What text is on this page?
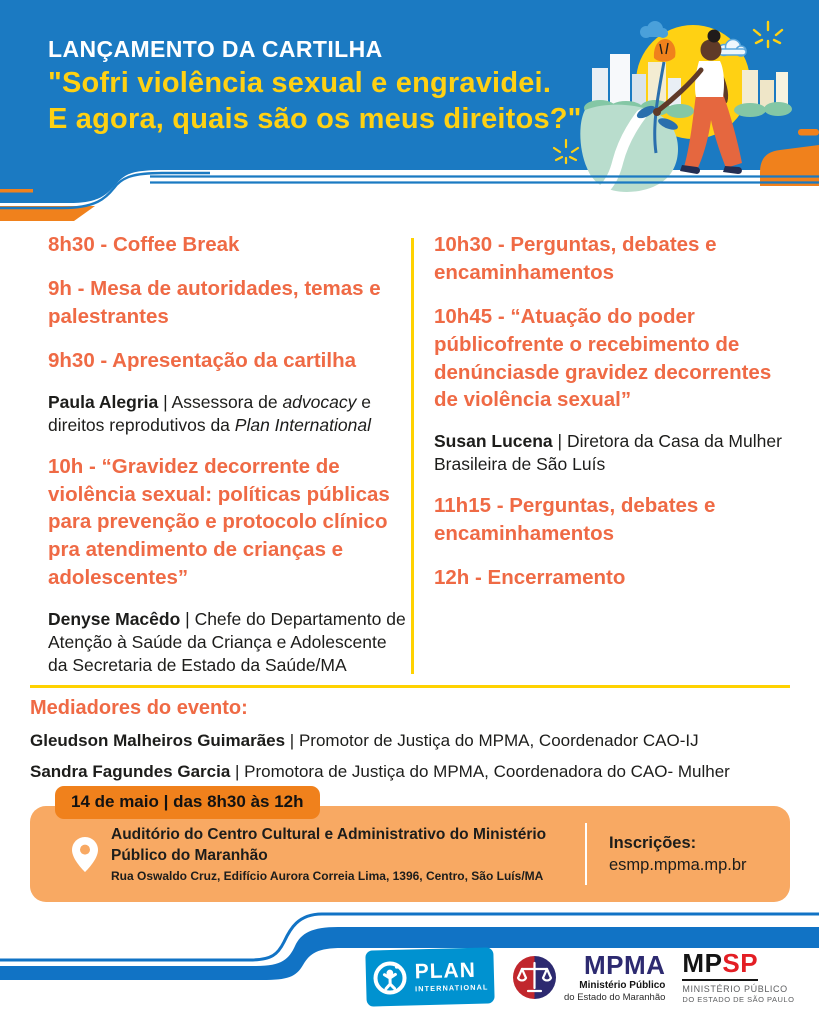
LANÇAMENTO DA CARTILHA
"Sofri violência sexual e engravidei.
E agora, quais são os meus direitos?"

8h30 - Coffee Break

9h - Mesa de autoridades, temas e palestrantes

9h30 - Apresentação da cartilha

Paula Alegria | Assessora de advocacy e direitos reprodutivos da Plan International

10h - “Gravidez decorrente de violência sexual: políticas públicas para prevenção e protocolo clínico pra atendimento de crianças e adolescentes”

Denyse Macêdo | Chefe do Departamento de Atenção à Saúde da Criança e Adolescente da Secretaria de Estado da Saúde/MA

10h30 - Perguntas, debates e encaminhamentos

10h45 - “Atuação do poder públicofrente o recebimento de denúnciasde gravidez decorrentes de violência sexual”

Susan Lucena | Diretora da Casa da Mulher Brasileira de São Luís

11h15 - Perguntas, debates e encaminhamentos

12h - Encerramento

Mediadores do evento:

Gleudson Malheiros Guimarães | Promotor de Justiça do MPMA, Coordenador CAO-IJ

Sandra Fagundes Garcia | Promotora de Justiça do MPMA, Coordenadora do CAO- Mulher

14 de maio | das 8h30 às 12h
Auditório do Centro Cultural e Administrativo do Ministério Público do Maranhão
Rua Oswaldo Cruz, Edifício Aurora Correia Lima, 1396, Centro, São Luís/MA
Inscrições:
esmp.mpma.mp.br
PLAN
INTERNATIONAL
MPMA
Ministério Público
do Estado do Maranhão
MPSP
MINISTÉRIO PÚBLICO
DO ESTADO DE SÃO PAULO
